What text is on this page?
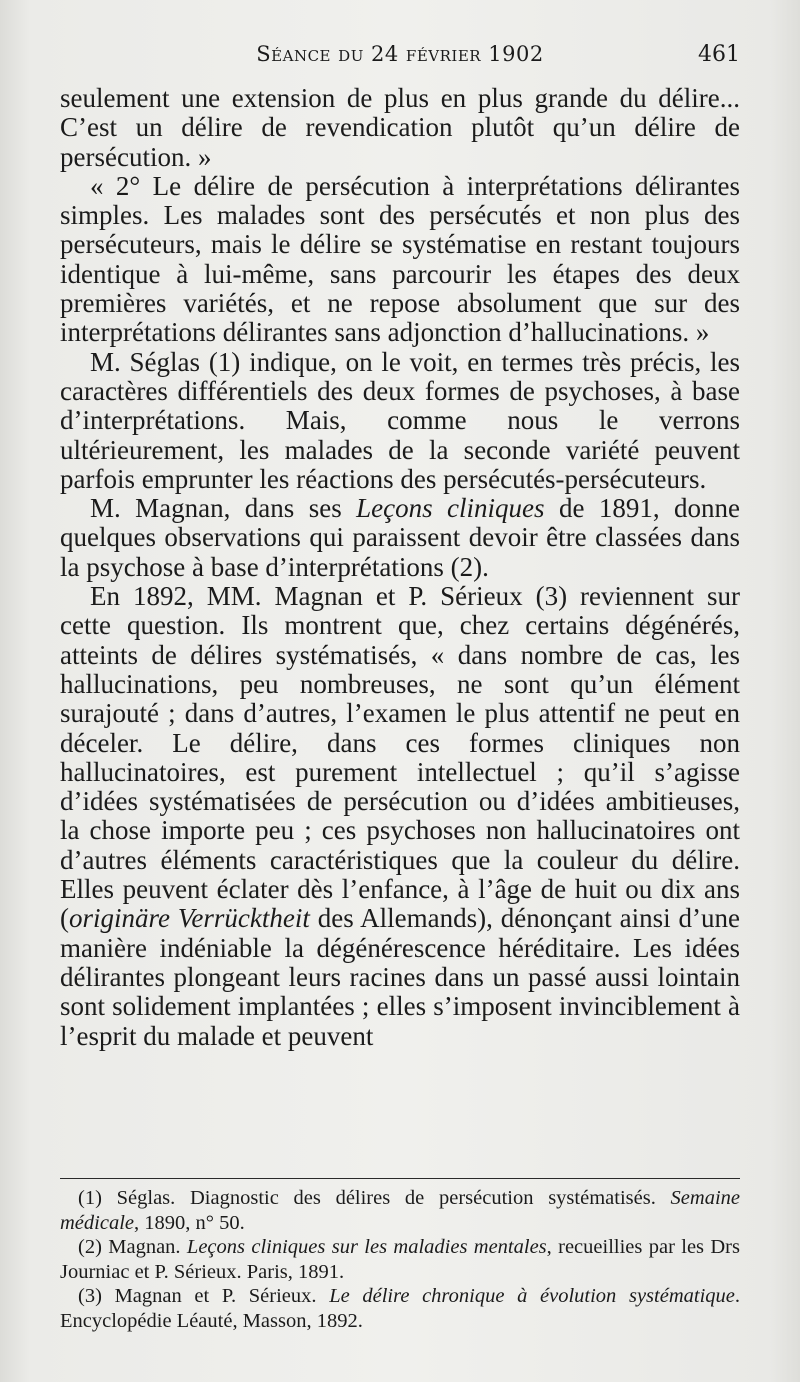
Séance du 24 février 1902	461

seulement une extension de plus en plus grande du délire... C’est un délire de revendication plutôt qu’un délire de persécution. »

« 2° Le délire de persécution à interprétations délirantes simples. Les malades sont des persécutés et non plus des persécuteurs, mais le délire se systématise en restant toujours identique à lui-même, sans parcourir les étapes des deux premières variétés, et ne repose absolument que sur des interprétations délirantes sans adjonction d’hallucinations. »

M. Séglas (1) indique, on le voit, en termes très précis, les caractères différentiels des deux formes de psychoses, à base d’interprétations. Mais, comme nous le verrons ultérieurement, les malades de la seconde variété peuvent parfois emprunter les réactions des persécutés-persécuteurs.

M. Magnan, dans ses Leçons cliniques de 1891, donne quelques observations qui paraissent devoir être classées dans la psychose à base d’interprétations (2).

En 1892, MM. Magnan et P. Sérieux (3) reviennent sur cette question. Ils montrent que, chez certains dégénérés, atteints de délires systématisés, « dans nombre de cas, les hallucinations, peu nombreuses, ne sont qu’un élément surajouté ; dans d’autres, l’examen le plus attentif ne peut en déceler. Le délire, dans ces formes cliniques non hallucinatoires, est purement intellectuel ; qu’il s’agisse d’idées systématisées de persécution ou d’idées ambitieuses, la chose importe peu ; ces psychoses non hallucinatoires ont d’autres éléments caractéristiques que la couleur du délire. Elles peuvent éclater dès l’enfance, à l’âge de huit ou dix ans (originäre Verrücktheit des Allemands), dénonçant ainsi d’une manière indéniable la dégénérescence héréditaire. Les idées délirantes plongeant leurs racines dans un passé aussi lointain sont solidement implantées ; elles s’imposent invinciblement à l’esprit du malade et peuvent

(1) Séglas. Diagnostic des délires de persécution systématisés. Semaine médicale, 1890, n° 50.

(2) Magnan. Leçons cliniques sur les maladies mentales, recueillies par les Drs Journiac et P. Sérieux. Paris, 1891.

(3) Magnan et P. Sérieux. Le délire chronique à évolution systématique. Encyclopédie Léauté, Masson, 1892.
